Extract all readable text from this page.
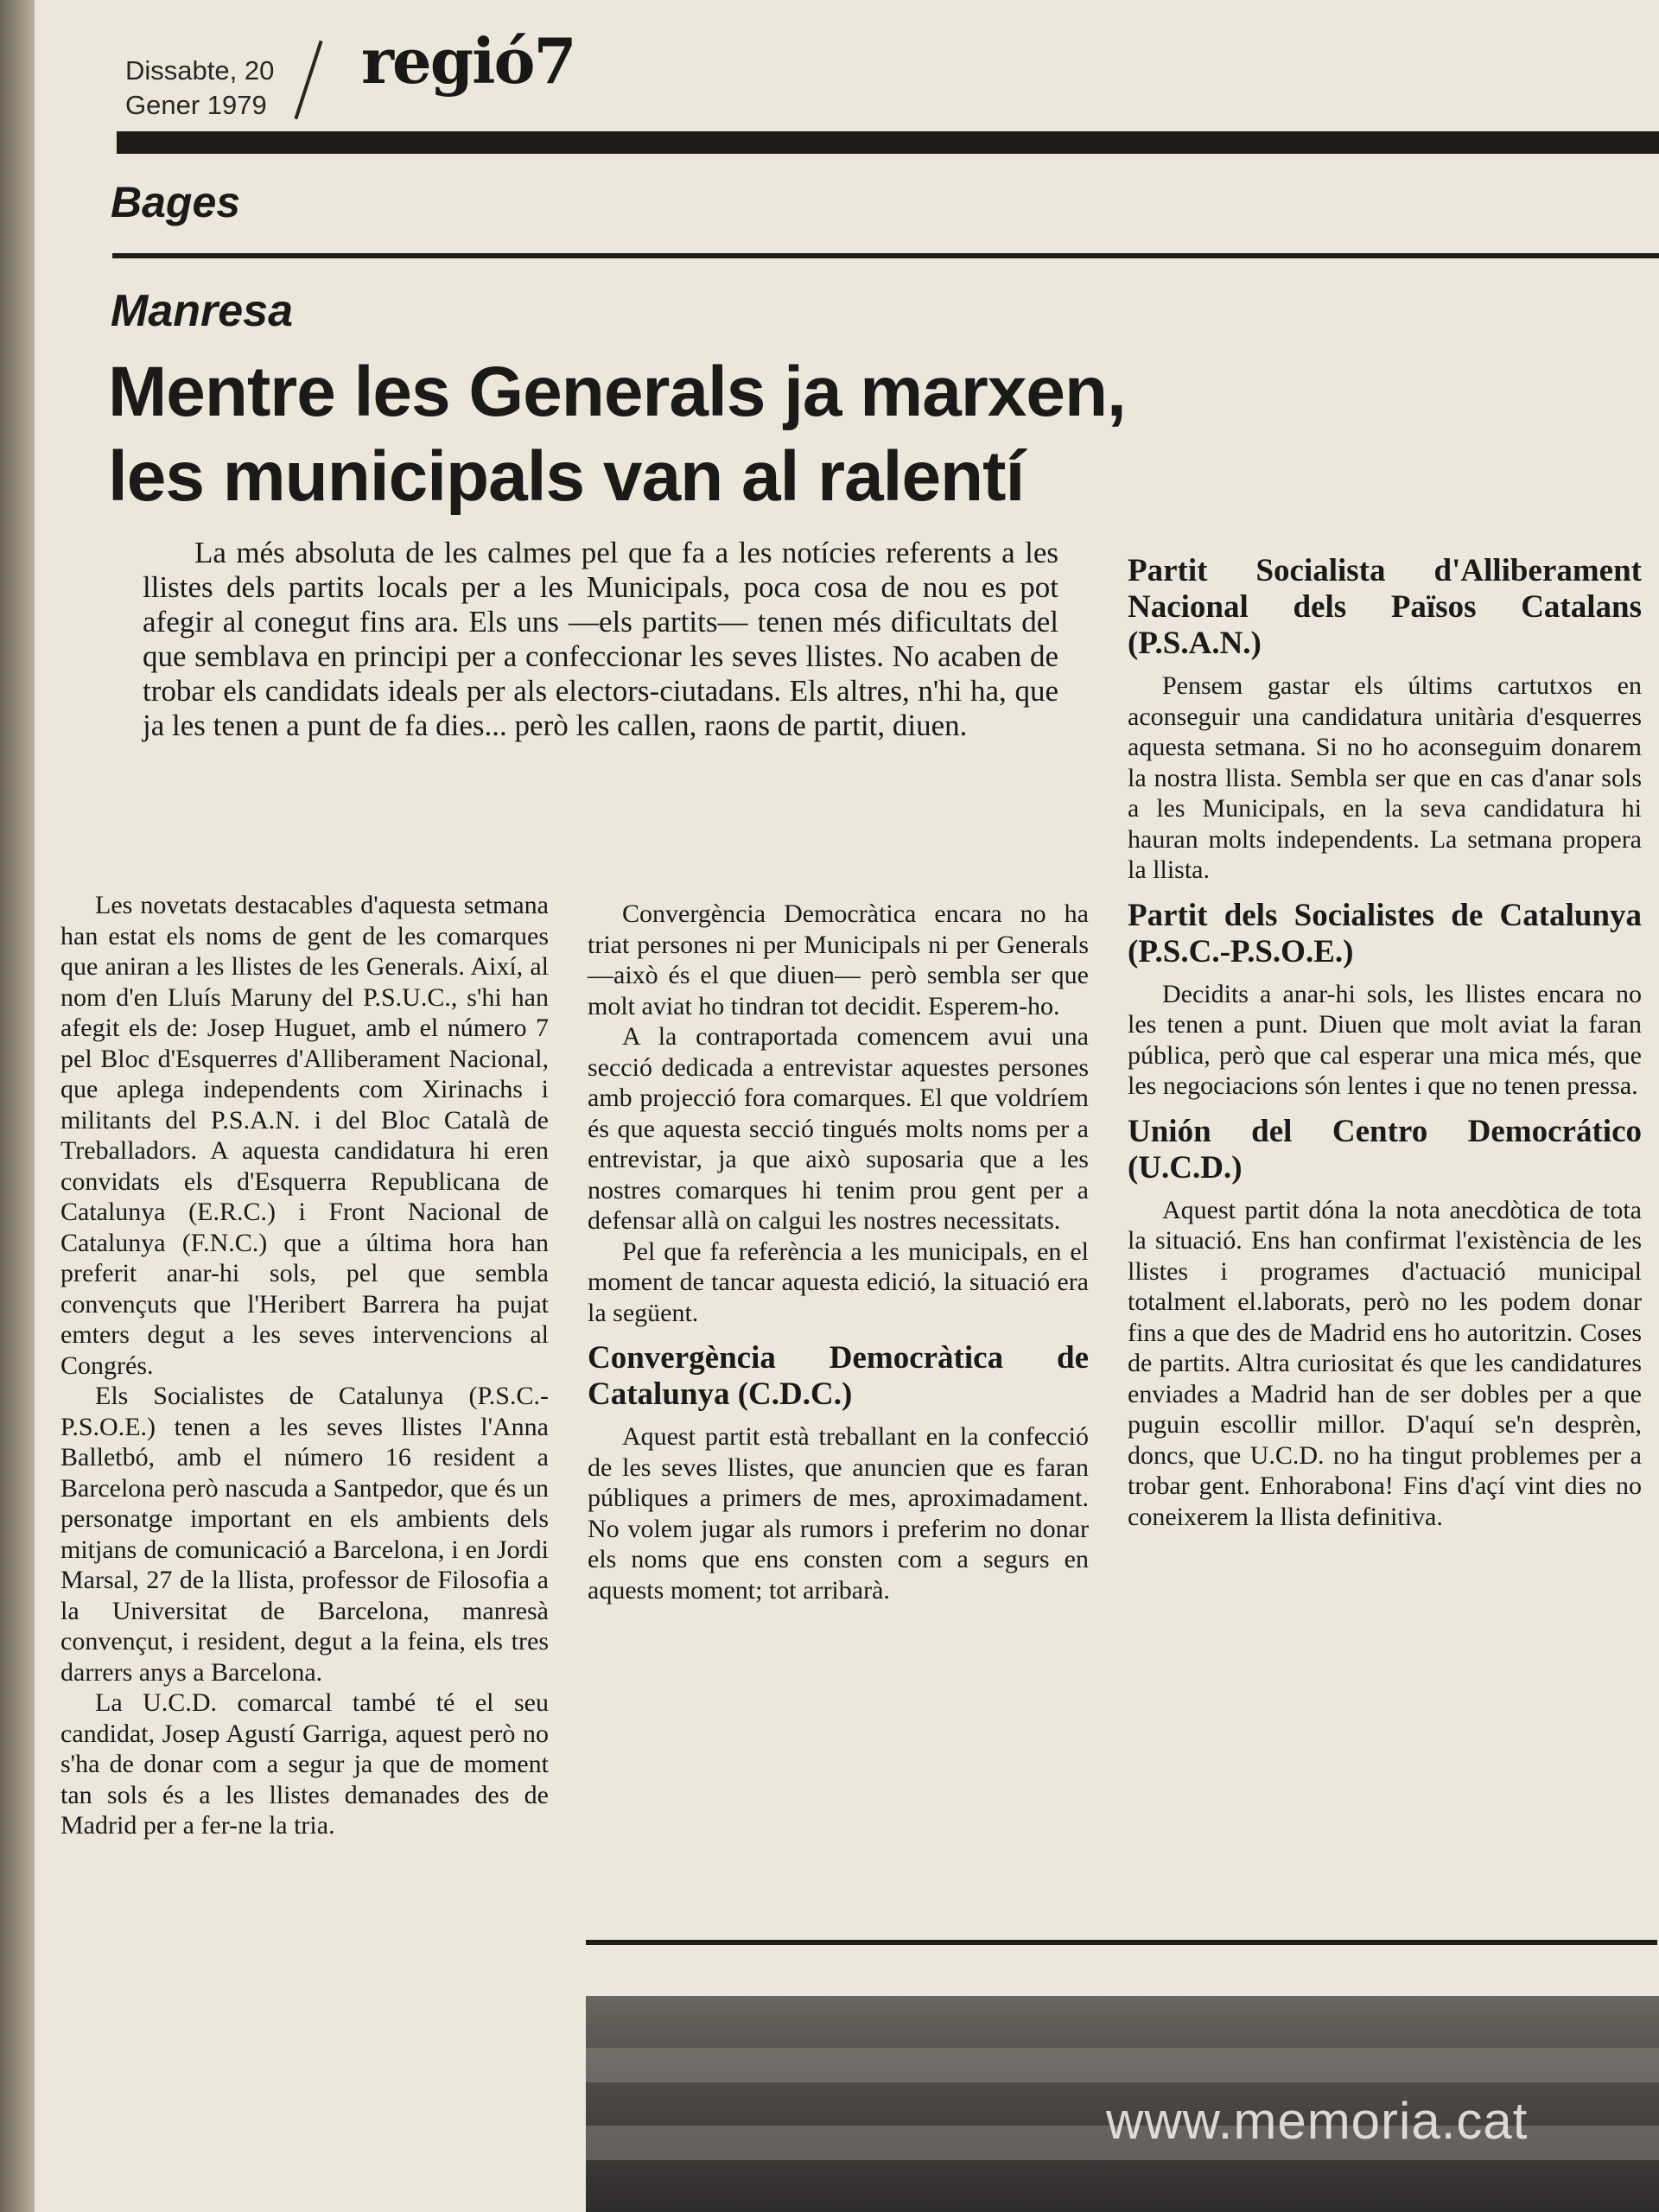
Dissabte, 20
Gener 1979
regió7
Bages
Manresa
Mentre les Generals ja marxen,
les municipals van al ralentí

La més absoluta de les calmes pel que fa a les notícies referents a les llistes dels partits locals per a les Municipals, poca cosa de nou es pot afegir al conegut fins ara. Els uns —els partits— tenen més dificultats del que semblava en principi per a confeccionar les seves llistes. No acaben de trobar els candidats ideals per als electors-ciutadans. Els altres, n'hi ha, que ja les tenen a punt de fa dies... però les callen, raons de partit, diuen.

Les novetats destacables d'aquesta setmana han estat els noms de gent de les comarques que aniran a les llistes de les Generals. Així, al nom d'en Lluís Maruny del P.S.U.C., s'hi han afegit els de: Josep Huguet, amb el número 7 pel Bloc d'Esquerres d'Alliberament Nacional, que aplega independents com Xirinachs i militants del P.S.A.N. i del Bloc Català de Treballadors. A aquesta candidatura hi eren convidats els d'Esquerra Republicana de Catalunya (E.R.C.) i Front Nacional de Catalunya (F.N.C.) que a última hora han preferit anar-hi sols, pel que sembla convençuts que l'Heribert Barrera ha pujat emters degut a les seves intervencions al Congrés.

Els Socialistes de Catalunya (P.S.C.-P.S.O.E.) tenen a les seves llistes l'Anna Balletbó, amb el número 16 resident a Barcelona però nascuda a Santpedor, que és un personatge important en els ambients dels mitjans de comunicació a Barcelona, i en Jordi Marsal, 27 de la llista, professor de Filosofia a la Universitat de Barcelona, manresà convençut, i resident, degut a la feina, els tres darrers anys a Barcelona.

La U.C.D. comarcal també té el seu candidat, Josep Agustí Garriga, aquest però no s'ha de donar com a segur ja que de moment tan sols és a les llistes demanades des de Madrid per a fer-ne la tria.

Convergència Democràtica encara no ha triat persones ni per Municipals ni per Generals —això és el que diuen— però sembla ser que molt aviat ho tindran tot decidit. Esperem-ho.

A la contraportada comencem avui una secció dedicada a entrevistar aquestes persones amb projecció fora comarques. El que voldríem és que aquesta secció tingués molts noms per a entrevistar, ja que això suposaria que a les nostres comarques hi tenim prou gent per a defensar allà on calgui les nostres necessitats.

Pel que fa referència a les municipals, en el moment de tancar aquesta edició, la situació era la següent.

Convergència Democràtica de Catalunya (C.D.C.)

Aquest partit està treballant en la confecció de les seves llistes, que anuncien que es faran públiques a primers de mes, aproximadament. No volem jugar als rumors i preferim no donar els noms que ens consten com a segurs en aquests moment; tot arribarà.

Partit Socialista d'Alliberament Nacional dels Països Catalans (P.S.A.N.)

Pensem gastar els últims cartutxos en aconseguir una candidatura unitària d'esquerres aquesta setmana. Si no ho aconseguim donarem la nostra llista. Sembla ser que en cas d'anar sols a les Municipals, en la seva candidatura hi hauran molts independents. La setmana propera la llista.

Partit dels Socialistes de Catalunya (P.S.C.-P.S.O.E.)

Decidits a anar-hi sols, les llistes encara no les tenen a punt. Diuen que molt aviat la faran pública, però que cal esperar una mica més, que les negociacions són lentes i que no tenen pressa.

Unión del Centro Democrático (U.C.D.)

Aquest partit dóna la nota anecdòtica de tota la situació. Ens han confirmat l'existència de les llistes i programes d'actuació municipal totalment el.laborats, però no les podem donar fins a que des de Madrid ens ho autoritzin. Coses de partits. Altra curiositat és que les candidatures enviades a Madrid han de ser dobles per a que puguin escollir millor. D'aquí se'n desprèn, doncs, que U.C.D. no ha tingut problemes per a trobar gent. Enhorabona! Fins d'açí vint dies no coneixerem la llista definitiva.

www.memoria.cat
